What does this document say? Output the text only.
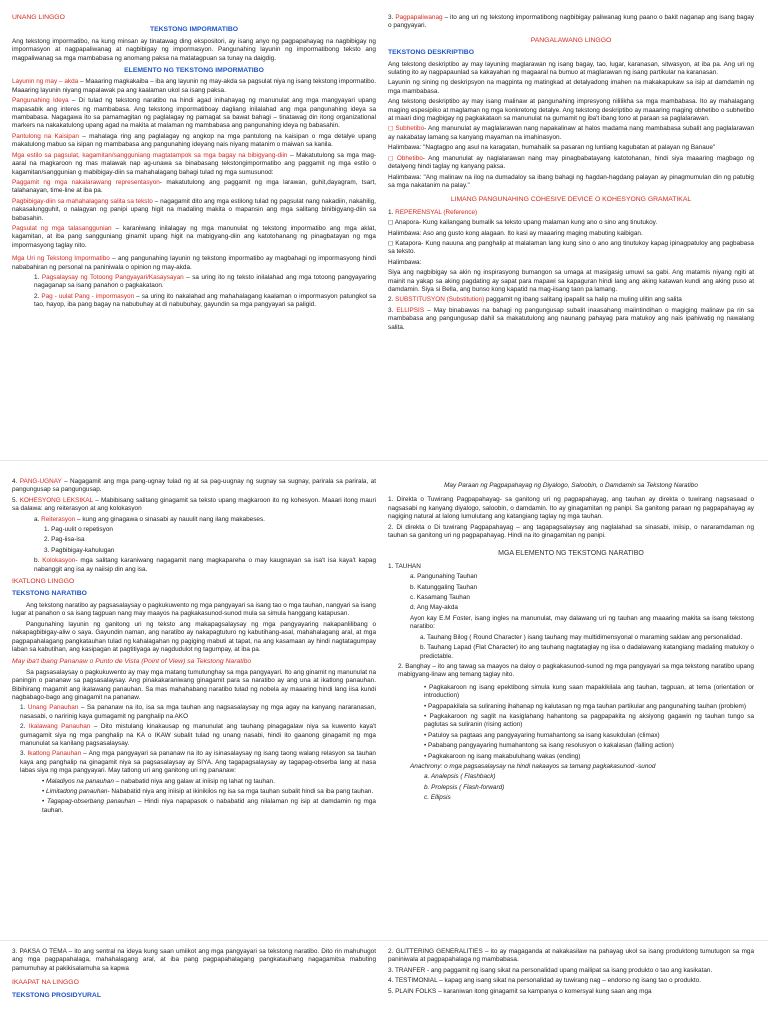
UNANG LINGGO
TEKSTONG IMPORMATIBO

Ang tekstong impormatibo, na kung minsan ay tinatawag ding ekspositori, ay isang anyo ng pagpapahayag na nagbibigay ng impormasyon at nagpapaliwanag at nagbibigay ng impormasyon. Pangunahing layunin ng impormatibong teksto ang magpaliwanag sa mga mambabasa ng anomang paksa na matatagpuan sa tunay na daigdig.

ELEMENTO NG TEKSTONG IMPORMATIBO

Layunin ng may – akda – Maaaring magkakaiba – iba ang layunin ng may-akda sa pagsulat niya ng isang tekstong impormatibo. Maaaring layunin niyang mapalawak pa ang kaalaman ukol sa isang paksa.

Pangunahing Ideya – Di tulad ng tekstong naratibo na hindi agad inihahayag ng manunulat ang mga mangyayari upang mapasabik ang interes ng mambabasa. Ang tekstong impormatiboay dagliang inilalahad ang mga pangunahing ideya sa mambabasa. Nagagawa ito sa pamamagitan ng paglalagay ng pamagat sa bawat bahagi – tinatawag din itong organizational markers na nakakatulong upang agad na makita at malaman ng mambabasa ang pangunahing ideya ng babasahin.

Pantulong na Kaisipan – mahalaga ring ang paglalagay ng angkop na mga pantulong na kaisipan o mga detalye upang makatulong mabuo sa isipan ng mambabasa ang pangunahing ideyang nais niyang matanim o maiwan sa kanila.

Mga estilo sa pagsulat, kagamitan/sangguniang magtatampok sa mga bagay na bibigyang-diin – Makatutulong sa mga mag-aaral na magkaroon ng mas malawak nap ag-unawa sa binabasang tekstongimpormatibo ang paggamit ng mga estilo o kagamitan/sanggunian g mabibigay-diin sa mahahalagang bahagi tulad ng mga sumusunod:

Paggamit ng mga nakalarawang representasyon- makatutulong ang paggamit ng mga larawan, guhit,dayagram, tsart, talahanayan, time-line at iba pa.

Pagbibigay-diin sa mahahalagang salita sa teksto – nagagamit dito ang mga estilong tulad ng pagsulat nang nakadiin, nakahilig, nakasalungguhit, o nalagyan ng panipi upang higit na madaling makita o mapansin ang mga salitang binibigyang-diin sa babasahin.

Pagsulat ng mga talasanggunian – karaniwang inilalagay ng mga manunulat ng tekstong impormatibo ang mga aklat, kagamitan, at iba pang sangguniang ginamit upang higit na mabigyang-diin ang katotohanang ng pinagbatayan ng mga impormasyong taglay nito.

Mga Uri ng Tekstong Impormatibo – ang pangunahing layunin ng tekstong impormatibo ay magbahagi ng impormasyong hindi nababahiran ng personal na paniniwala o opinion ng may-akda.

1. Pagsalaysay ng Totoong Pangyayari/Kasaysayan – sa uring ito ng teksto inilalahad ang mga totoong pangyayaring nagaganap sa isang panahon o pagkakataon.

2. Pag - uulat Pang - impormasyon – sa uring ito nakalahad ang mahahalagang kaalaman o impormasyon patungkol sa tao, hayop, iba pang bagay na nabubuhay at di nabubuhay, gayundin sa mga pangyayari sa paligid.

3. Pagpapaliwanag – ito ang uri ng tekstong impormatibong nagbibigay paliwanag kung paano o bakit naganap ang isang bagay o pangyayari.

PANGALAWANG LINGGO
TEKSTONG DESKRIPTIBO

Ang tekstong deskriptibo ay may layuning maglarawan ng isang bagay, tao, lugar, karanasan, sitwasyon, at iba pa. Ang uri ng sulating ito ay nagpapaunlad sa kakayahan ng magaaral na bumuo at maglarawan ng isang partikular na karanasan.

Layunin ng sining ng deskripsyon na magpinta ng matingkad at detalyadong imahen na makakapukaw sa isip at damdamin ng mga mambabasa.

Ang tekstong deskriptibo ay may isang malinaw at pangunahing impresyong nililikha sa mga mambabasa. Ito ay mahalagang maging espesipiko at maglaman ng mga konkretong detalye. Ang tekstong deskriptibo ay maaaring maging obhetibo o subhetibo at maari ding magbigay ng pagkakataon sa manunulat na gumamit ng iba't ibang tono at paraan sa paglalarawan.

◻ Subhetibo- Ang manunulat ay maglalarawan nang napakalinaw at halos madama nang mambabasa subalit ang paglalarawan ay nakabatay lamang sa kanyang mayaman na imahinasyon.

Halimbawa: "Nagtagpo ang asul na karagatan, humahalik sa pasaran ng luntiang kagubatan at palayan ng Banaue"

◻ Obhetibo- Ang manunulat ay naglalarawan nang may pinagbabatayang katotohanan, hindi siya maaaring magbago ng detalyeng hindi taglay ng kanyang paksa.

Halimbawa: "Ang malinaw na ilog na dumadaloy sa ibang bahagi ng hagdan-hagdang palayan ay pinagmumulan din ng patubig sa mga nakatanim na palay."

LIMANG PANGUNAHING COHESIVE DEVICE O KOHESYONG GRAMATIKAL

1. REPERENSYAL (Reference)

◻ Anapora- Kung kailangang bumalik sa teksto upang malaman kung ano o sino ang tinutukoy.

Halimbawa: Aso ang gusto kong alagaan. Ito kasi ay maaaring maging mabuting kaibigan.

◻ Katapora- Kung nauuna ang panghalip at malalaman lang kung sino o ano ang tinutukoy kapag ipinagpatuloy ang pagbabasa sa teksto.

Halimbawa:

Siya ang nagbibigay sa akin ng inspirasyong bumangon sa umaga at masigasig umuwi sa gabi. Ang matamis niyang ngiti at mainit na yakap sa aking pagdating ay sapat para mapawi sa kapaguran hindi lang ang aking katawan kundi ang aking puso at damdamin. Siya si Bella, ang bunso kong kapatid na mag-iisang taon pa lamang.

2. SUBSTITUSYON (Substitution) paggamit ng ibang salitang ipapalit sa halip na muling ulitin ang salita

3. ELLIPSIS – May binabawas na bahagi ng pangungusap subalit inaasahang maiintindihan o magiging malinaw pa rin sa mambabasa ang pangungusap dahil sa makatutulong ang naunang pahayag para matukoy ang nais ipahiwatig ng nawalang salita.

4. PANG-UGNAY – Nagagamit ang mga pang-ugnay tulad ng at sa pag-uugnay ng sugnay sa sugnay, parirala sa parirala, at pangungusap sa pangungusap.

5. KOHESYONG LEKSIKAL – Mabibisang salitang ginagamit sa teksto upang magkaroon ito ng kohesyon. Maaari itong mauri sa dalawa: ang reiterasyon at ang kolokasyon

a. Reiterasyon – kung ang ginagawa o sinasabi ay nauulit nang ilang makabeses.

1. Pag-uulit o repetisyon

2. Pag-iisa-isa

3. Pagbibigay-kahulugan

b. Kolokasyon- mga salitang karaniwang nagagamit nang magkapareha o may kaugnayan sa isa't isa kaya't kapag nabanggit ang isa ay naiisip din ang isa.

IKATLONG LINGGO
TEKSTONG NARATIBO

Ang tekstong naratibo ay pagsasalaysay o pagkukuwento ng mga pangyayari sa isang tao o mga tauhan, nangyari sa isang lugar at panahon o sa isang tagpuan nang may maayos na pagkakasunod-sunod mula sa simula hanggang katapusan.

Pangunahing layunin ng ganitong uri ng teksto ang makapagsalaysay ng mga pangyayaring nakapanlilibang o nakapagbibigay-aliw o saya. Gayundin naman, ang naratibo ay nakapagtuturo ng kabutihang-asal, mahahalagang aral, at mga pagpapahalagang pangkatauhan tulad ng kahalagahan ng pagiging mabuti at tapat, na ang kasamaan ay hindi nagtatagumpay laban sa kabutihan, ang kasipagan at pagtitiyaga ay nagdudulot ng tagumpay, at iba pa.

May iba't ibang Pananaw o Punto de Vista (Point of View) sa Tekstong Naratibo

Sa pagsasalaysay o pagkukuwento ay may mga matang tumutunghay sa mga pangyayari. Ito ang ginamit ng manunulat na paningin o pananaw sa pagsasalaysay. Ang pinakakaraniwang ginagamit para sa naratibo ay ang una at ikatlong panauhan. Bibihirang magamit ang ikalawang panauhan. Sa mas mahahabang naratibo tulad ng nobela ay maaaring hindi lang iisa kundi nagbabago-bago ang ginagamit na pananaw.

1. Unang Panauhan – Sa pananaw na ito, isa sa mga tauhan ang nagsasalaysay ng mga agay na kanyang nararanasan, nasasabi, o naririnig kaya gumagamit ng panghalip na AKO

2. Ikalawang Panauhan – Dito mistulang kinakausap ng manunulat ang tauhang pinagagalaw niya sa kuwento kaya't gumagamit siya ng mga panghalip na KA o IKAW subalit tulad ng unang nasabi, hindi ito gaanong ginagamit ng mga manunulat sa kanilang pagsasalaysay.

3. Ikatlong Panauhan – Ang mga pangyayari sa pananaw na ito ay isinasalaysay ng isang taong walang relasyon sa tauhan kaya ang panghalip na ginagamit niya sa pagsasalaysay ay SIYA. Ang tagapagsalaysay ay tagapag-obserba lang at nasa labas siya ng mga pangyayari. May tatlong uri ang ganitong uri ng pananaw:

• Maladiyos na panauhan – nababatid niya ang galaw at iniisip ng lahat ng tauhan.

• Limitadong panauhan- Nababatid niya ang iniisip at ikinikilos ng isa sa mga tauhan subalit hindi sa iba pang tauhan.

• Tagapag-obserbang panauhan – Hindi niya napapasok o nababatid ang nilalaman ng isip at damdamin ng mga tauhan.

May Paraan ng Pagpapahayag ng Diyalogo, Saloobin, o Damdamin sa Tekstong Naratibo

1. Direkta o Tuwirang Pagpapahayag- sa ganitong uri ng pagpapahayag, ang tauhan ay direkta o tuwirang nagsasaad o nagsasabi ng kanyang diyalogo, saloobin, o damdamin. Ito ay ginagamitan ng panipi. Sa ganitong paraan ng pagpapahayag ay nagiging natural at lalong lumulutang ang katangiang taglay ng mga tauhan.

2. Di direkta o Di tuwirang Pagpapahayag – ang tagapagsalaysay ang naglalahad sa sinasabi, iniisip, o nararamdaman ng tauhan sa ganitong uri ng pagpapahayag. Hindi na ito ginagamitan ng panipi.

MGA ELEMENTO NG TEKSTONG NARATIBO

1. TAUHAN

a. Pangunahing Tauhan

b. Katunggaling Tauhan

c. Kasamang Tauhan

d. Ang May-akda

Ayon kay E.M Foster, isang ingles na manunulat, may dalawang uri ng tauhan ang maaaring makita sa isang tekstong naratibo:

a. Tauhang Bilog ( Round Character ) isang tauhang may multidimensyonal o maraming saklaw ang personalidad.

b. Tauhang Lapad (Flat Character) ito ang tauhang nagtataglay ng iisa o dadalawang katangiang madaling matukoy o predictable.

2. Banghay – ito ang tawag sa maayos na daloy o pagkakasunod-sunod ng mga pangyayari sa mga tekstong naratibo upang mabigyang-linaw ang temang taglay nito.

• Pagkakaroon ng isang epektibong simula kung saan mapakikilala ang tauhan, tagpuan, at tema (orientation or introduction)

• Pagpapakilala sa suliraning ihahanap ng kalutasan ng mga tauhan partikular ang pangunahing tauhan (problem)

• Pagkakaroon ng saglit na kasiglahang hahantong sa pagpapakita ng aksiyong gagawin ng tauhan tungo sa paglutas sa suliranin (rising action)

• Patuloy sa pagtaas ang pangyayaring humahantong sa isang kasukdulan (climax)

• Pababang pangyayaring humahantong sa isang resolusyon o kakalasan (falling action)

• Pagkakaroon ng isang makabuluhang wakas (ending)

Anachrony: o mga pagsasalaysay na hindi nakaayos sa tamang pagkakasunod -sunod

a. Analepsis ( Flashback)

b. Prolepsis ( Flash-forward)

c. Ellipsis

3. PAKSA O TEMA – ito ang sentral na ideya kung saan umiikot ang mga pangyayari sa tekstong naratibo. Dito rin mahuhugot ang mga pagpapahalaga, mahahalagang aral, at iba pang pagpapahalagang pangkatauhang nagagamitsa mabuting pamumuhay at pakikisalamuha sa kapwa

IKAAPAT NA LINGGO
TEKSTONG PROSIDYURAL

2. GLITTERING GENERALITIES – ito ay magaganda at nakakasilaw na pahayag ukol sa isang produktong tumutugon sa mga paniniwala at pagpapahalaga ng mambabasa.

3. TRANFER - ang paggamit ng isang sikat na personalidad upang mailipat sa isang produkto o tao ang kasikatan.

4. TESTIMONIAL – kapag ang isang sikat na personalidad ay tuwirang nag – endorso ng isang tao o produkto.

5. PLAIN FOLKS – karaniwan itong ginagamit sa kampanya o komersyal kung saan ang mga
